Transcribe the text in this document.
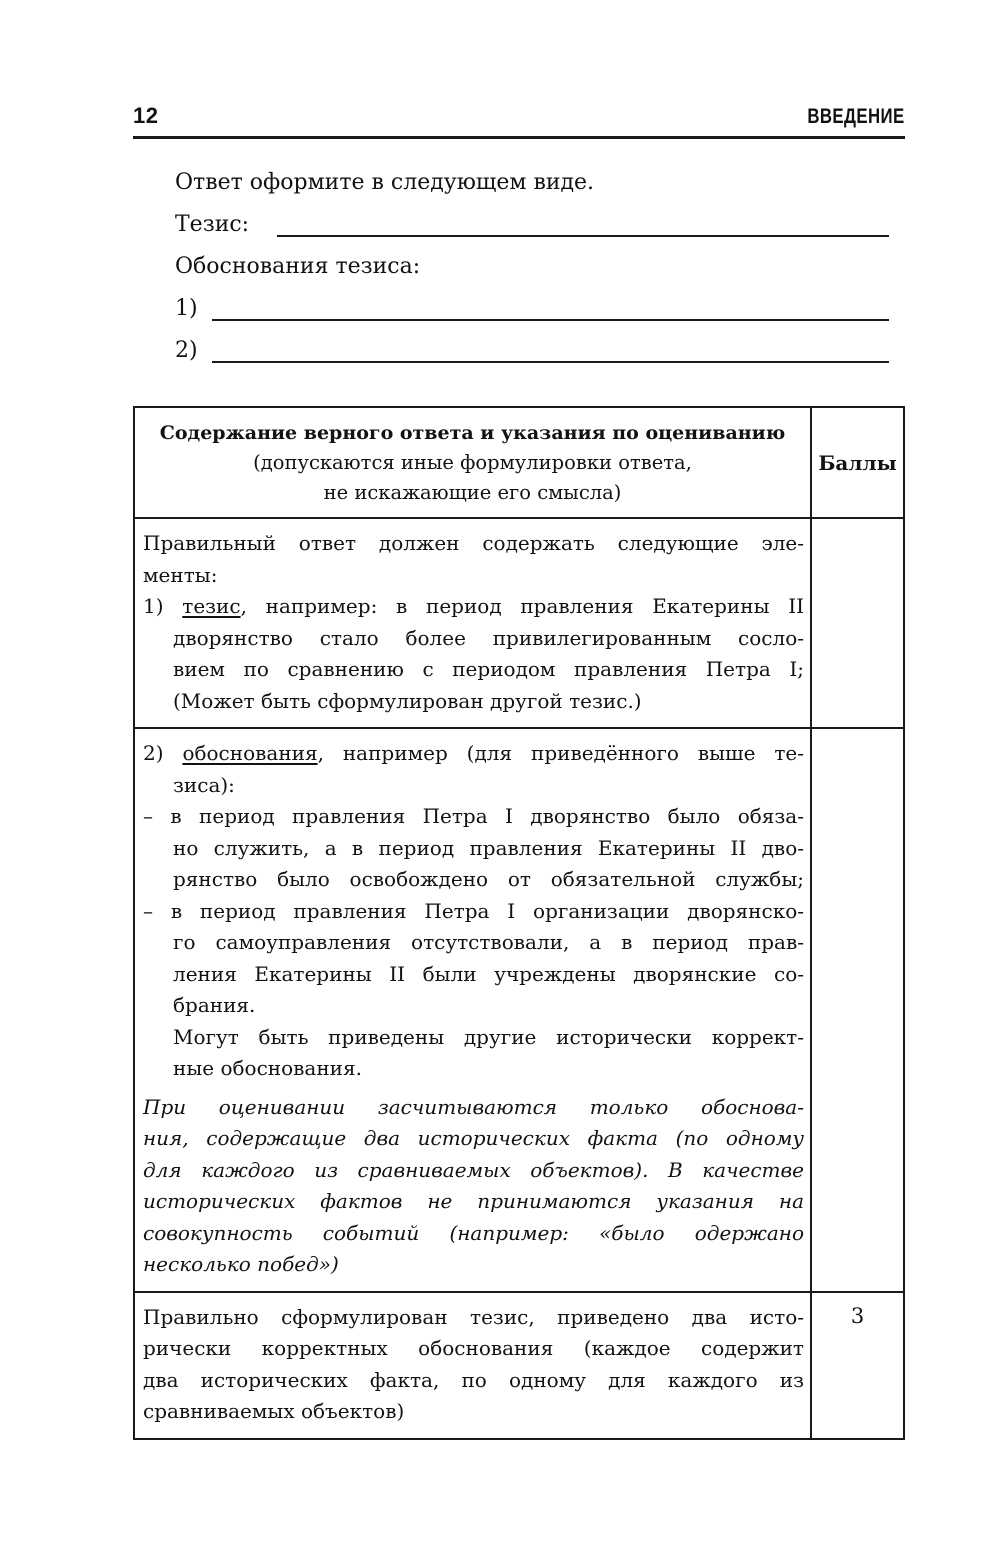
12	ВВЕДЕНИЕ
Ответ оформите в следующем виде.
Тезис:
Обоснования тезиса:
1)
2)
Содержание верного ответа и указания по оцениванию
(допускаются иные формулировки ответа,
не искажающие его смысла)	Баллы

Правильный ответ должен содержать следующие эле-
менты:
1) тезис, например: в период правления Екатерины II
дворянство стало более привилегированным сосло-
вием по сравнению с периодом правления Петра I;
(Может быть сформулирован другой тезис.)

2) обоснования, например (для приведённого выше те-
зиса):
– в период правления Петра I дворянство было обяза-
но служить, а в период правления Екатерины II дво-
рянство было освобождено от обязательной службы;
– в период правления Петра I организации дворянско-
го самоуправления отсутствовали, а в период прав-
ления Екатерины II были учреждены дворянские со-
брания.
Могут быть приведены другие исторически коррект-
ные обоснования.
При оценивании засчитываются только обоснова-
ния, содержащие два исторических факта (по одному
для каждого из сравниваемых объектов). В качестве
исторических фактов не принимаются указания на
совокупность событий (например: «было одержано
несколько побед»)

Правильно сформулирован тезис, приведено два исто-
рически корректных обоснования (каждое содержит
два исторических факта, по одному для каждого из
сравниваемых объектов)	3
